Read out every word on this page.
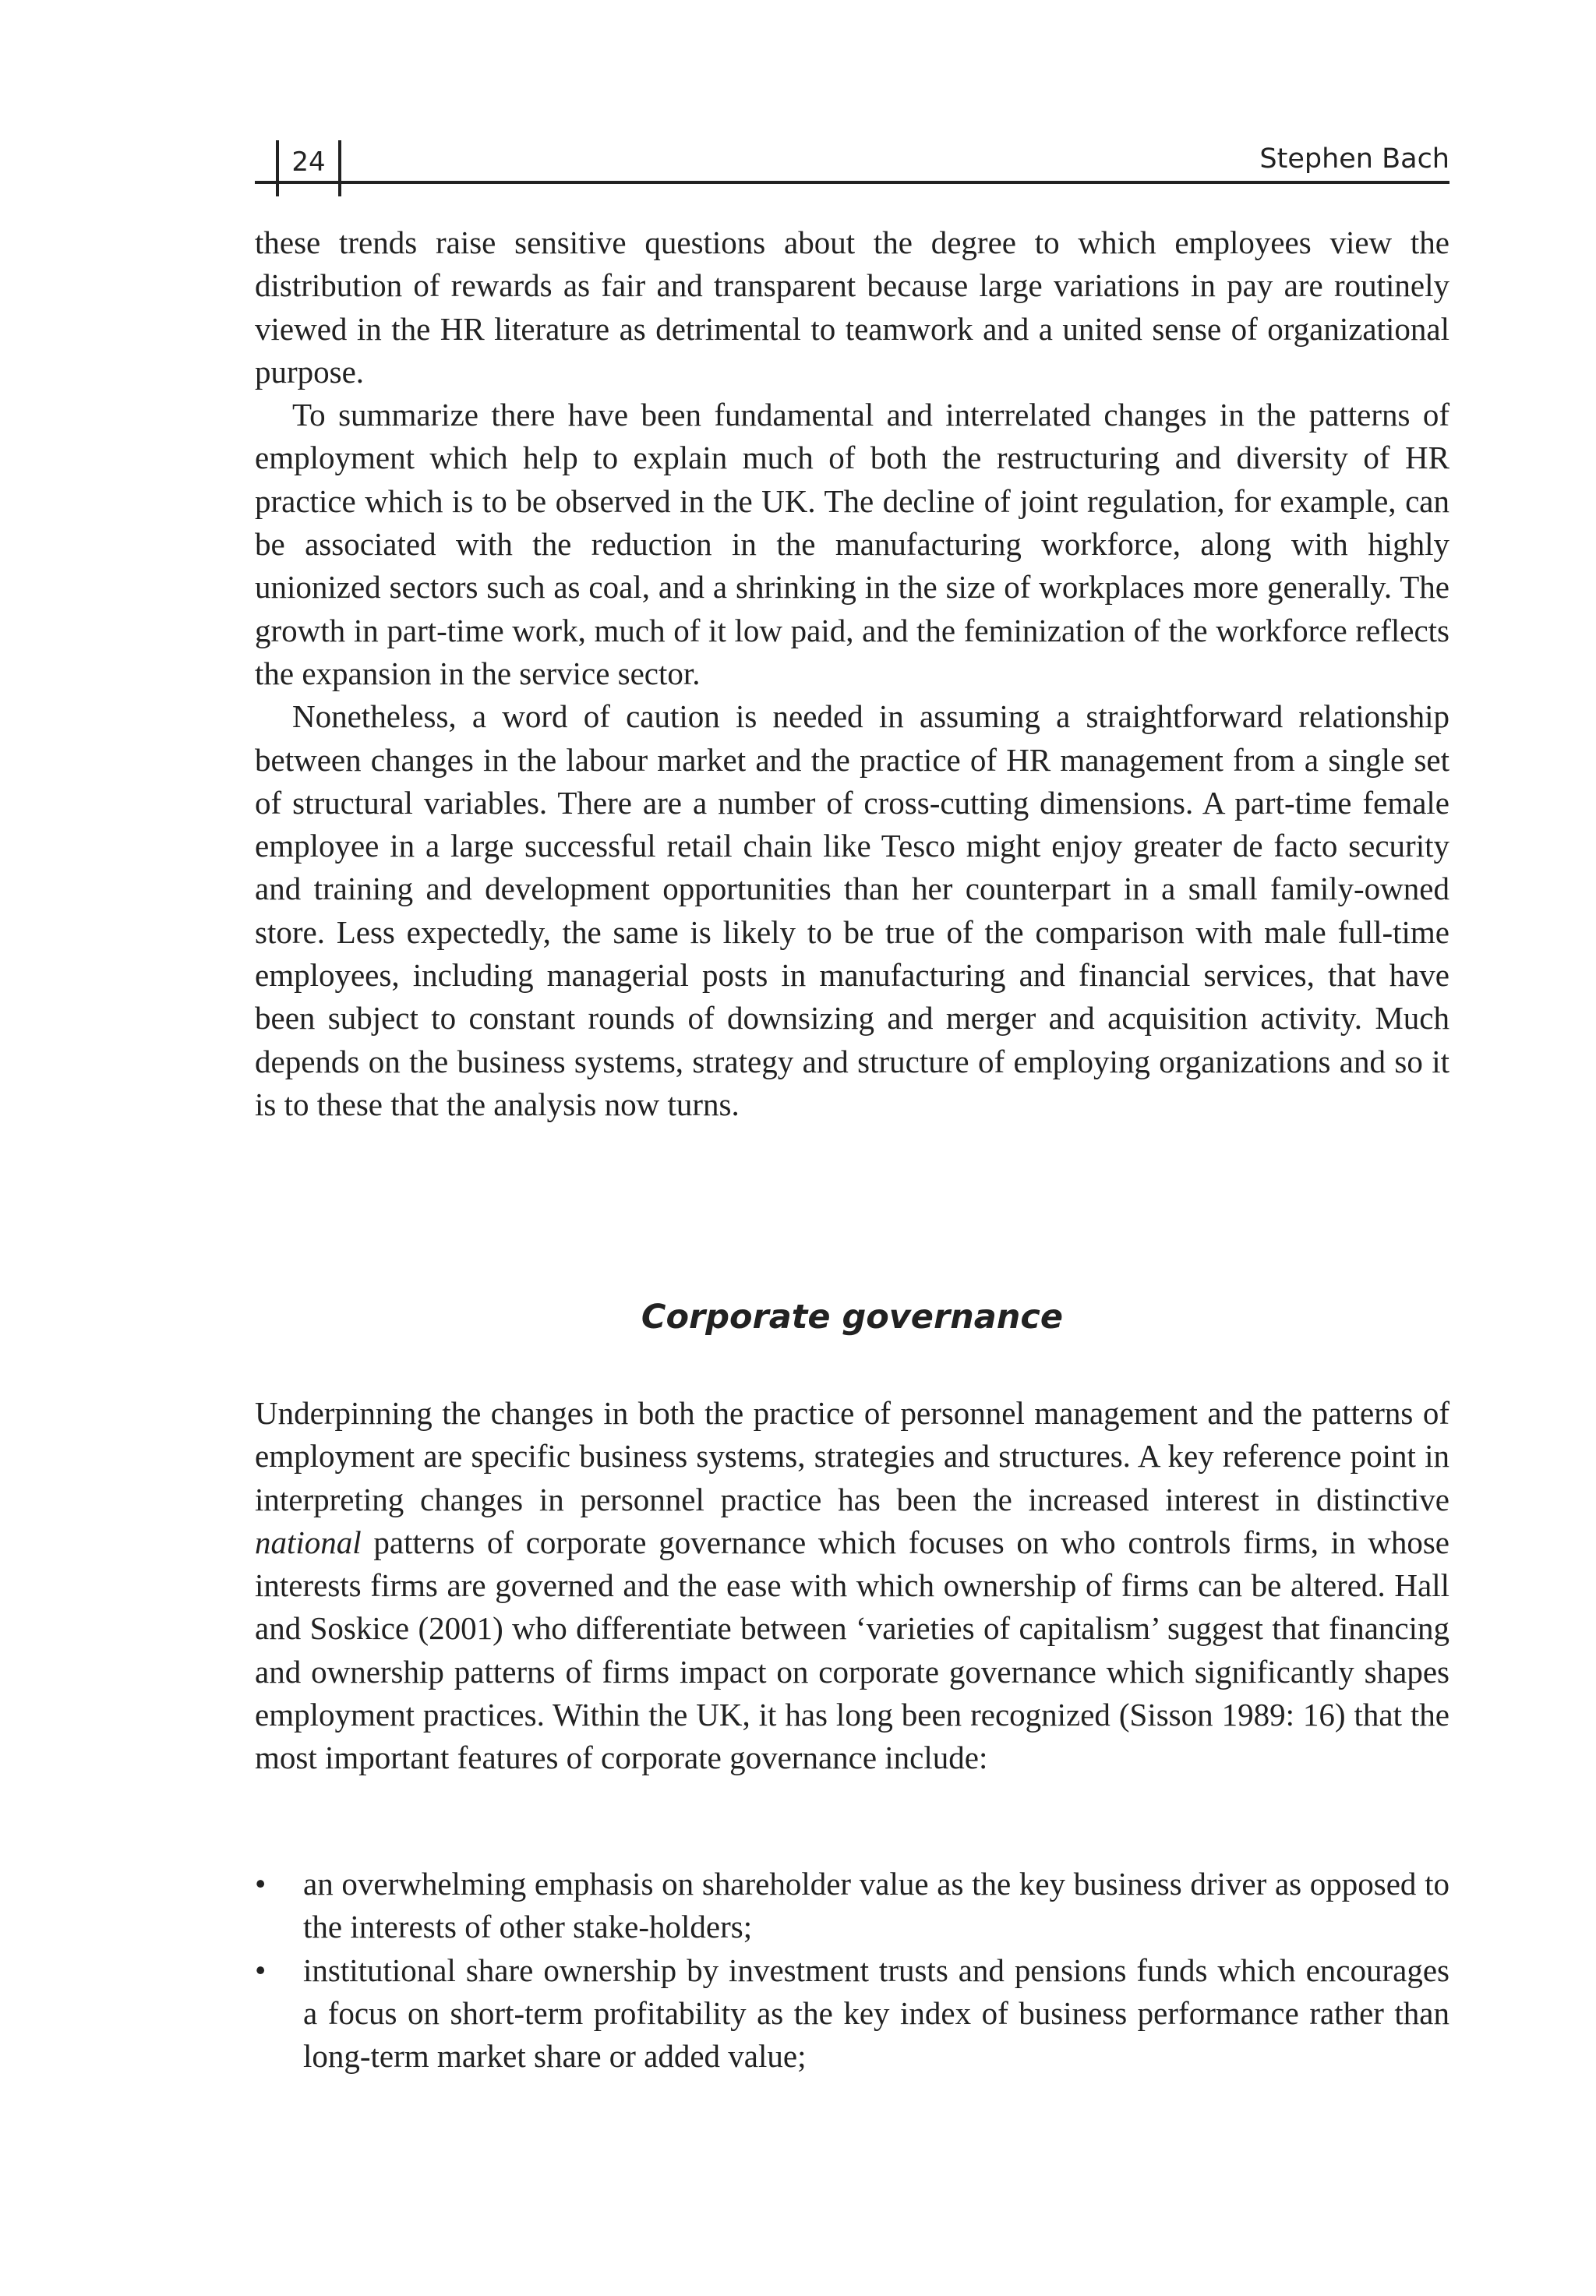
24	Stephen Bach

these trends raise sensitive questions about the degree to which employees view the distribution of rewards as fair and transparent because large variations in pay are routinely viewed in the HR literature as detrimental to teamwork and a united sense of organizational purpose.

To summarize there have been fundamental and interrelated changes in the patterns of employment which help to explain much of both the restructuring and diversity of HR practice which is to be observed in the UK. The decline of joint regulation, for example, can be associated with the reduction in the manufacturing workforce, along with highly unionized sectors such as coal, and a shrinking in the size of workplaces more generally. The growth in part-time work, much of it low paid, and the feminization of the workforce reflects the expansion in the service sector.

Nonetheless, a word of caution is needed in assuming a straightforward relationship between changes in the labour market and the practice of HR management from a single set of structural variables. There are a number of cross-cutting dimensions. A part-time female employee in a large successful retail chain like Tesco might enjoy greater de facto security and training and development opportunities than her counterpart in a small family-owned store. Less expectedly, the same is likely to be true of the comparison with male full-time employees, including managerial posts in manufacturing and financial services, that have been subject to constant rounds of downsizing and merger and acquisition activity. Much depends on the business systems, strategy and structure of employing organizations and so it is to these that the analysis now turns.

Corporate governance

Underpinning the changes in both the practice of personnel management and the patterns of employment are specific business systems, strategies and structures. A key reference point in interpreting changes in personnel practice has been the increased interest in distinctive national patterns of corporate governance which focuses on who controls firms, in whose interests firms are governed and the ease with which ownership of firms can be altered. Hall and Soskice (2001) who differentiate between ‘varieties of capitalism’ suggest that financing and ownership patterns of firms impact on corporate governance which significantly shapes employment practices. Within the UK, it has long been recognized (Sisson 1989: 16) that the most important features of corporate governance include:

• an overwhelming emphasis on shareholder value as the key business driver as opposed to the interests of other stake-holders;
• institutional share ownership by investment trusts and pensions funds which encourages a focus on short-term profitability as the key index of business performance rather than long-term market share or added value;
